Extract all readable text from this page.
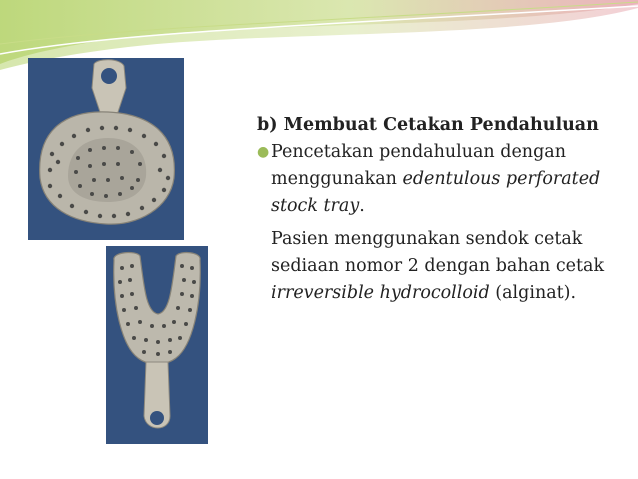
b) Membuat Cetakan Pendahuluan

● Pencetakan pendahuluan dengan menggunakan edentulous perforated stock tray.

Pasien menggunakan sendok cetak sediaan nomor 2 dengan bahan cetak irreversible hydrocolloid (alginat).
